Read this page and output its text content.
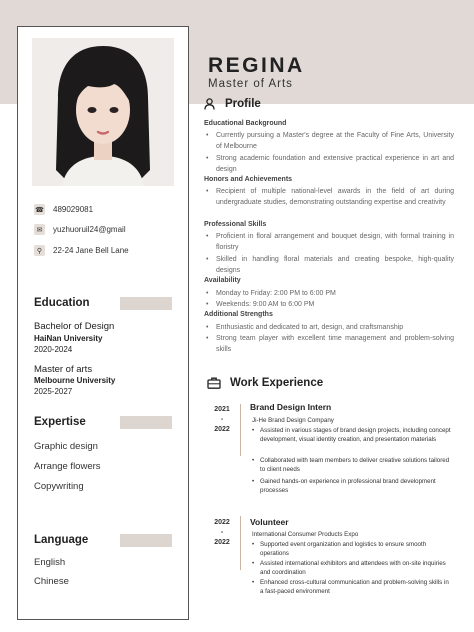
☎ 489029081
✉	yuzhuoruil24@gmail
⚲	22-24 Jane Bell Lane
Education
Bachelor of Design
HaiNan University
2020-2024
Master of arts
Melbourne University
2025-2027
Expertise
Graphic design
Arrange flowers
Copywriting
Language
English
Chinese
REGINA
Master of Arts
Profile
Educational Background
• Currently pursuing a Master's degree at the Faculty of Fine Arts, University of Melbourne
• Strong academic foundation and extensive practical experience in art and design
Honors and Achievements
• Recipient of multiple national-level awards in the field of art during undergraduate studies, demonstrating outstanding expertise and creativity
Professional Skills
• Proficient in floral arrangement and bouquet design, with formal training in floristry
• Skilled in handling floral materials and creating bespoke, high-quality designs
Availability
• Monday to Friday: 2:00 PM to 6:00 PM
• Weekends: 9:00 AM to 6:00 PM
Additional Strengths
• Enthusiastic and dedicated to art, design, and craftsmanship
• Strong team player with excellent time management and problem-solving skills
Work Experience
2021
-
2022
Brand Design Intern
Ji-He Brand Design Company
• Assisted in various stages of brand design projects, including concept development, visual identity creation, and presentation materials
• Collaborated with team members to deliver creative solutions tailored to client needs
• Gained hands-on experience in professional brand development processes
2022
-
2022
Volunteer
International Consumer Products Expo
• Supported event organization and logistics to ensure smooth operations
• Assisted international exhibitors and attendees with on-site inquiries and coordination
• Enhanced cross-cultural communication and problem-solving skills in a fast-paced environment
